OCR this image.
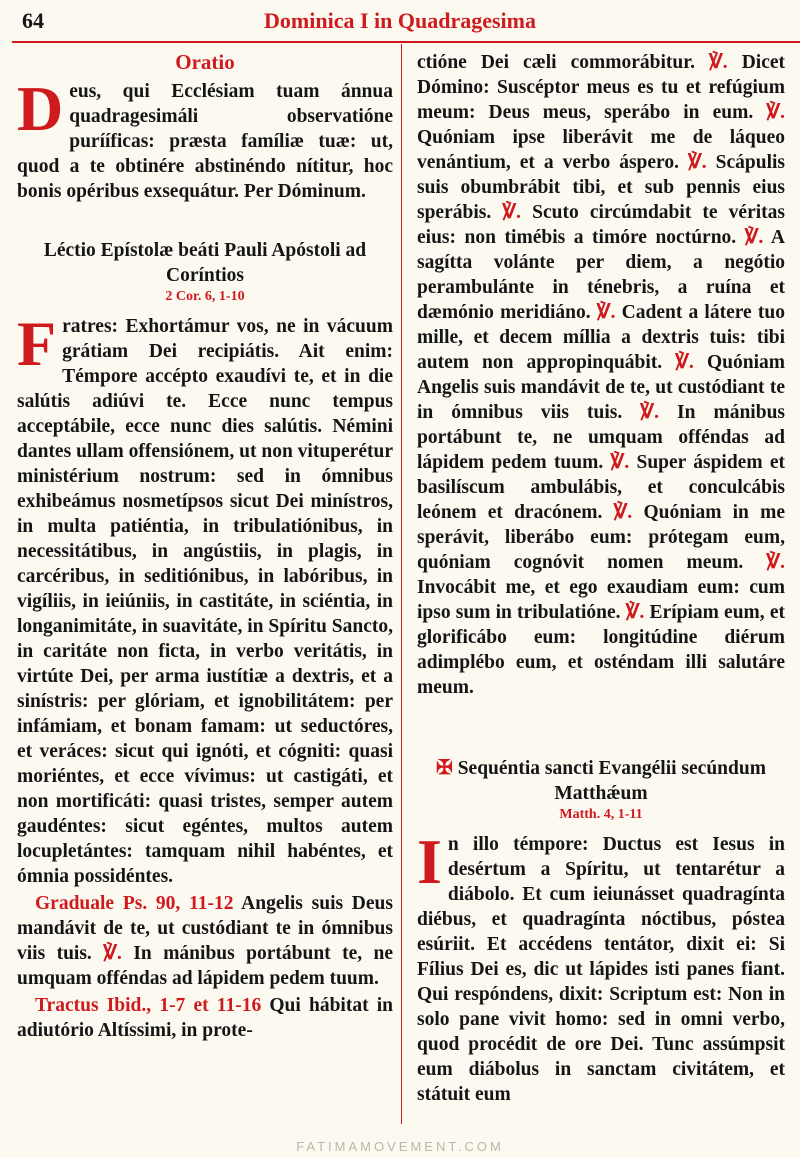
64	Dominica I in Quadragesima
Oratio

Deus, qui Ecclésiam tuam ánnua quadragesimáli observatióne purííficas: præsta famíliæ tuæ: ut, quod a te obtinére abstinéndo nítitur, hoc bonis opéribus exsequátur. Per Dóminum.

Léctio Epístolæ beáti Pauli Apóstoli ad Coríntios
2 Cor. 6, 1-10

Fratres: Exhortámur vos, ne in vácuum grátiam Dei recipiátis. Ait enim: Témpore accépto exaudívi te, et in die salútis adiúvi te. Ecce nunc tempus acceptábile, ecce nunc dies salútis. Némini dantes ullam offensiónem, ut non vituperétur ministérium nostrum: sed in ómnibus exhibeámus nosmetípsos sicut Dei minístros, in multa patiéntia, in tribulatiónibus, in necessitátibus, in angústiis, in plagis, in carcéribus, in seditiónibus, in labóribus, in vigíliis, in ieiúniis, in castitáte, in sciéntia, in longanimitáte, in suavitáte, in Spíritu Sancto, in caritáte non ficta, in verbo veritátis, in virtúte Dei, per arma iustítiæ a dextris, et a sinístris: per glóriam, et ignobilitátem: per infámiam, et bonam famam: ut seductóres, et veráces: sicut qui ignóti, et cógniti: quasi moriéntes, et ecce vívimus: ut castigáti, et non mortificáti: quasi tristes, semper autem gaudéntes: sicut egéntes, multos autem locupletántes: tamquam nihil habéntes, et ómnia possidéntes.

Graduale Ps. 90, 11-12 Angelis suis Deus mandávit de te, ut custódiant te in ómnibus viis tuis. ℣. In mánibus portábunt te, ne umquam offéndas ad lápidem pedem tuum.

Tractus Ibid., 1-7 et 11-16 Qui hábitat in adiutório Altíssimi, in prote-

ctióne Dei cæli commorábitur. ℣. Dicet Dómino: Suscéptor meus es tu et refúgium meum: Deus meus, sperábo in eum. ℣. Quóniam ipse liberávit me de láqueo venántium, et a verbo áspero. ℣. Scápulis suis obumbrábit tibi, et sub pennis eius sperábis. ℣. Scuto circúmdabit te véritas eius: non timébis a timóre noctúrno. ℣. A sagítta volánte per diem, a negótio perambulánte in ténebris, a ruína et dæmónio meridiáno. ℣. Cadent a látere tuo mille, et decem míllia a dextris tuis: tibi autem non appropinquábit. ℣. Quóniam Angelis suis mandávit de te, ut custódiant te in ómnibus viis tuis. ℣. In mánibus portábunt te, ne umquam offéndas ad lápidem pedem tuum. ℣. Super áspidem et basilíscum ambulábis, et conculcábis leónem et dracónem. ℣. Quóniam in me sperávit, liberábo eum: prótegam eum, quóniam cognóvit nomen meum. ℣. Invocábit me, et ego exaudiam eum: cum ipso sum in tribulatióne. ℣. Erípiam eum, et glorificábo eum: longitúdine diérum adimplébo eum, et osténdam illi salutáre meum.

✠ Sequéntia sancti Evangélii secúndum Matthǽum
Matth. 4, 1-11

In illo témpore: Ductus est Iesus in desértum a Spíritu, ut tentarétur a diábolo. Et cum ieiunásset quadragínta diébus, et quadragínta nóctibus, póstea esúriit. Et accédens tentátor, dixit ei: Si Fílius Dei es, dic ut lápides isti panes fiant. Qui respóndens, dixit: Scriptum est: Non in solo pane vivit homo: sed in omni verbo, quod procédit de ore Dei. Tunc assúmpsit eum diábolus in sanctam civitátem, et státuit eum

FATIMAMOVEMENT.COM
